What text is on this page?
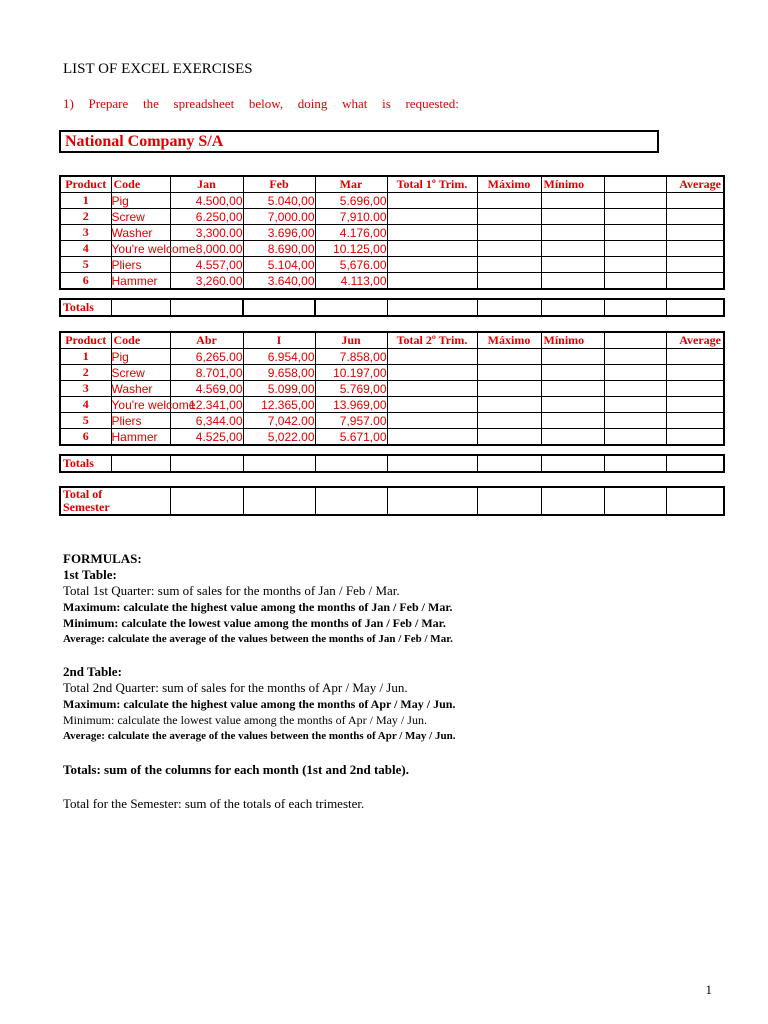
LIST OF EXCEL EXERCISES
1) Prepare the spreadsheet below, doing what is requested:
National Company S/A
Product	Code	Jan	Feb	Mar	Total 1º Trim.	Máximo	Mínimo		Average
1	Pig	4.500,00	5.040,00	5.696,00					
2	Screw	6.250,00	7,000.00	7,910.00					
3	Washer	3,300.00	3.696,00	4.176,00					
4	You're welcome	8,000.00	8.690,00	10.125,00					
5	Pliers	4.557,00	5.104,00	5,676.00					
6	Hammer	3,260.00	3.640,00	4.113,00					
Totals									
Product	Code	Abr	I	Jun	Total 2º Trim.	Máximo	Mínimo		Average
1	Pig	6,265.00	6.954,00	7.858,00					
2	Screw	8.701,00	9.658,00	10.197,00					
3	Washer	4.569,00	5.099,00	5.769,00					
4	You're welcome	12.341,00	12.365,00	13.969,00					
5	Pliers	6,344.00	7,042.00	7,957.00					
6	Hammer	4.525,00	5,022.00	5.671,00					
Totals									
Total of
Semester

FORMULAS:
1st Table:
Total 1st Quarter: sum of sales for the months of Jan / Feb / Mar.
Maximum: calculate the highest value among the months of Jan / Feb / Mar.
Minimum: calculate the lowest value among the months of Jan / Feb / Mar.
Average: calculate the average of the values between the months of Jan / Feb / Mar.
2nd Table:
Total 2nd Quarter: sum of sales for the months of Apr / May / Jun.
Maximum: calculate the highest value among the months of Apr / May / Jun.
Minimum: calculate the lowest value among the months of Apr / May / Jun.
Average: calculate the average of the values between the months of Apr / May / Jun.
Totals: sum of the columns for each month (1st and 2nd table).
Total for the Semester: sum of the totals of each trimester.
1
